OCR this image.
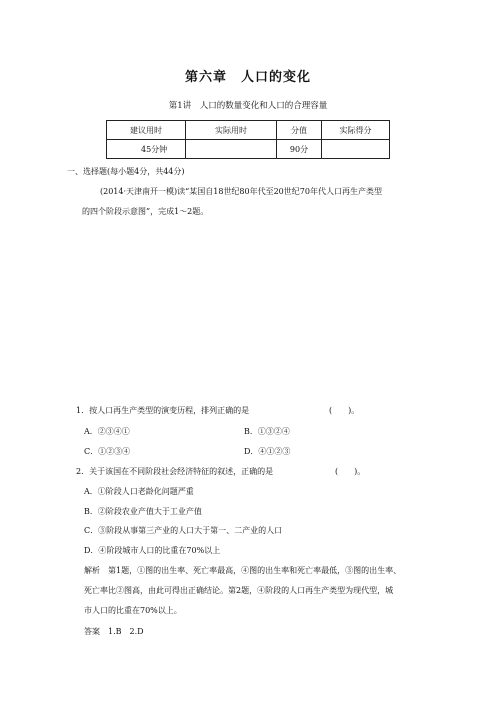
第六章　人口的变化
第1讲　人口的数量变化和人口的合理容量
建议用时	实际用时	分值	实际得分
45分钟		90分	
一、选择题(每小题4分，共44分)
(2014·天津南开一模)读“某国自18世纪80年代至20世纪70年代人口再生产类型
的四个阶段示意图”，完成1～2题。
1．按人口再生产类型的演变历程，排列正确的是	(　　)。
A．②③④①	B．①③②④
C．①②③④	D．④①②③
2．关于该国在不同阶段社会经济特征的叙述，正确的是	(　　)。
A．①阶段人口老龄化问题严重
B．②阶段农业产值大于工业产值
C．③阶段从事第三产业的人口大于第一、二产业的人口
D．④阶段城市人口的比重在70%以上
解析　第1题，①图的出生率、死亡率最高，④图的出生率和死亡率最低，③图的出生率、
死亡率比②图高，由此可得出正确结论。第2题，④阶段的人口再生产类型为现代型，城
市人口的比重在70%以上。
答案　1.B　2.D
